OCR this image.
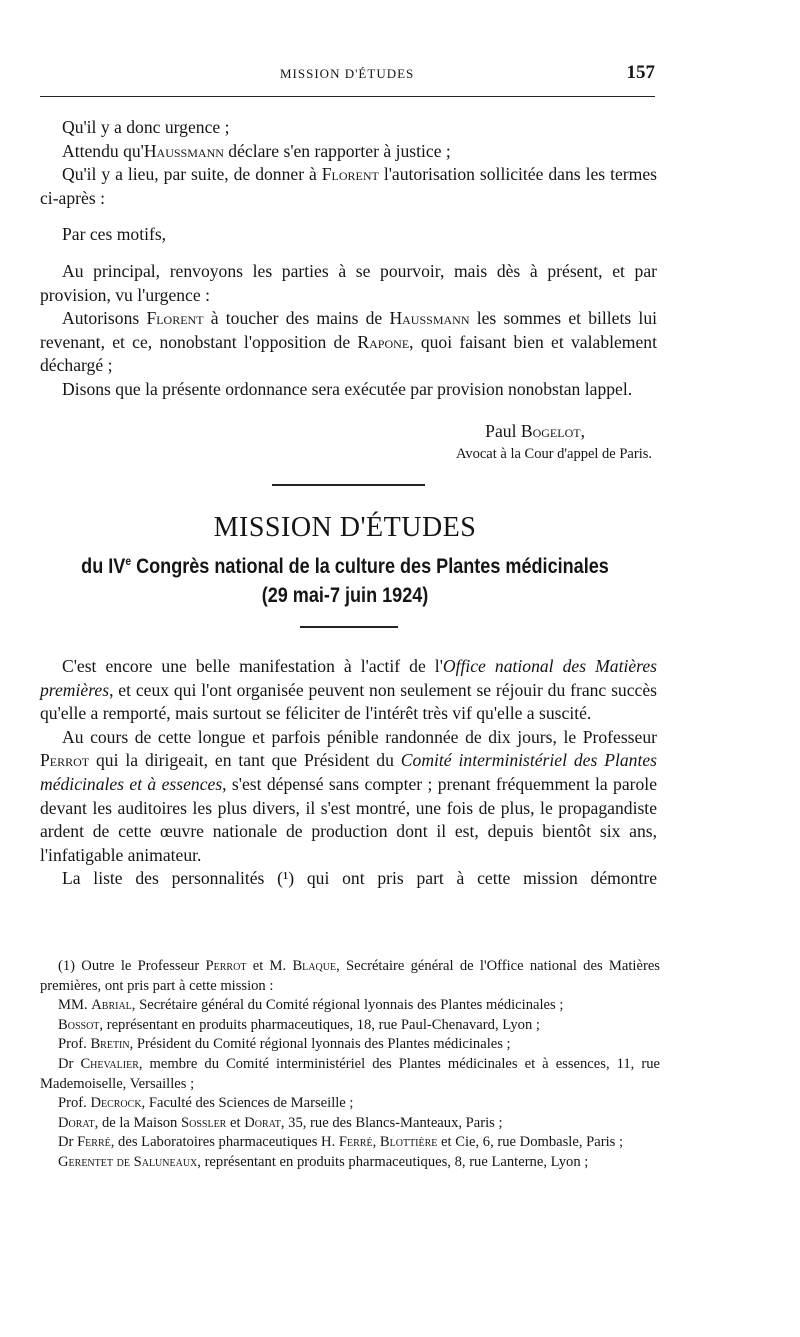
MISSION D'ÉTUDES	157

Qu'il y a donc urgence ;

Attendu qu'Haussmann déclare s'en rapporter à justice ;

Qu'il y a lieu, par suite, de donner à Florent l'autorisation sollicitée dans les termes ci-après :

Par ces motifs,

Au principal, renvoyons les parties à se pourvoir, mais dès à présent, et par provision, vu l'urgence :

Autorisons Florent à toucher des mains de Haussmann les sommes et billets lui revenant, et ce, nonobstant l'opposition de Rapone, quoi faisant bien et valablement déchargé ;

Disons que la présente ordonnance sera exécutée par provision nonobstan lappel.

Paul Bogelot,
Avocat à la Cour d'appel de Paris.
MISSION D'ÉTUDES
du IVe Congrès national de la culture des Plantes médicinales
(29 mai-7 juin 1924)

C'est encore une belle manifestation à l'actif de l'Office national des Matières premières, et ceux qui l'ont organisée peuvent non seulement se réjouir du franc succès qu'elle a remporté, mais surtout se féliciter de l'intérêt très vif qu'elle a suscité.

Au cours de cette longue et parfois pénible randonnée de dix jours, le Professeur Perrot qui la dirigeait, en tant que Président du Comité interministériel des Plantes médicinales et à essences, s'est dépensé sans compter ; prenant fréquemment la parole devant les auditoires les plus divers, il s'est montré, une fois de plus, le propagandiste ardent de cette œuvre nationale de production dont il est, depuis bientôt six ans, l'infatigable animateur.

La liste des personnalités (¹) qui ont pris part à cette mission démontre

(1) Outre le Professeur Perrot et M. Blaque, Secrétaire général de l'Office national des Matières premières, ont pris part à cette mission :

MM. Abrial, Secrétaire général du Comité régional lyonnais des Plantes médicinales ;

Bossot, représentant en produits pharmaceutiques, 18, rue Paul-Chenavard, Lyon ;

Prof. Bretin, Président du Comité régional lyonnais des Plantes médicinales ;

Dr Chevalier, membre du Comité interministériel des Plantes médicinales et à essences, 11, rue Mademoiselle, Versailles ;

Prof. Decrock, Faculté des Sciences de Marseille ;

Dorat, de la Maison Sossler et Dorat, 35, rue des Blancs-Manteaux, Paris ;

Dr Ferré, des Laboratoires pharmaceutiques H. Ferré, Blottière et Cie, 6, rue Dombasle, Paris ;

Gerentet de Saluneaux, représentant en produits pharmaceutiques, 8, rue Lanterne, Lyon ;
